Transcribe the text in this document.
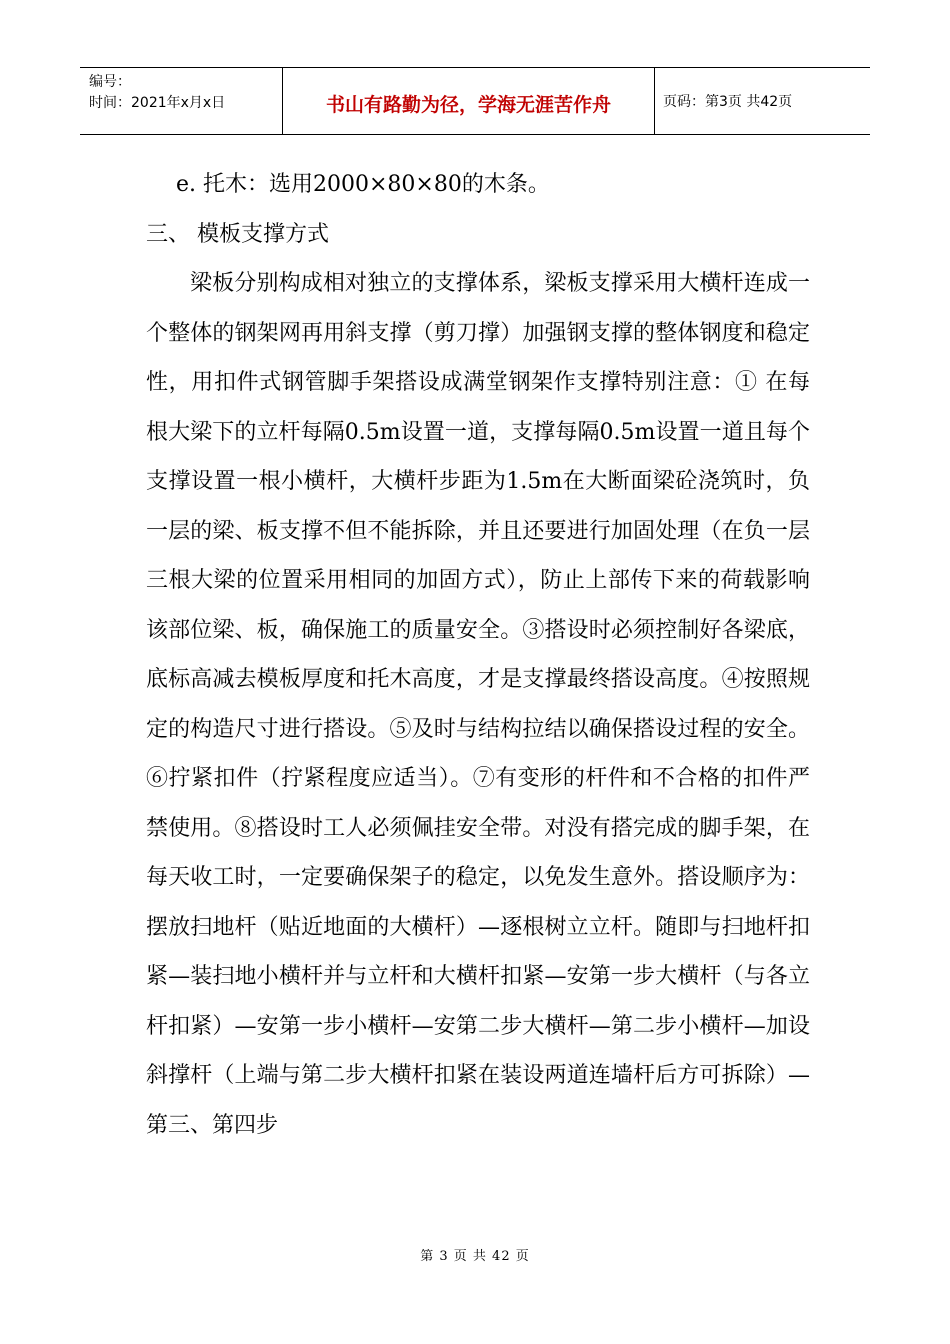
编号：
时间：2021年x月x日	书山有路勤为径，学海无涯苦作舟	页码：第3页 共42页

e. 托木：选用2000×80×80的木条。

三、 模板支撑方式

梁板分别构成相对独立的支撑体系，梁板支撑采用大横杆连成一个整体的钢架网再用斜支撑（剪刀撑）加强钢支撑的整体钢度和稳定性，用扣件式钢管脚手架搭设成满堂钢架作支撑特别注意：① 在每根大梁下的立杆每隔0.5m设置一道，支撑每隔0.5m设置一道且每个支撑设置一根小横杆，大横杆步距为1.5m在大断面梁砼浇筑时，负一层的梁、板支撑不但不能拆除，并且还要进行加固处理（在负一层三根大梁的位置采用相同的加固方式），防止上部传下来的荷载影响该部位梁、板，确保施工的质量安全。③搭设时必须控制好各梁底，底标高减去模板厚度和托木高度，才是支撑最终搭设高度。④按照规定的构造尺寸进行搭设。⑤及时与结构拉结以确保搭设过程的安全。⑥拧紧扣件（拧紧程度应适当）。⑦有变形的杆件和不合格的扣件严禁使用。⑧搭设时工人必须佩挂安全带。对没有搭完成的脚手架，在每天收工时，一定要确保架子的稳定，以免发生意外。搭设顺序为：摆放扫地杆（贴近地面的大横杆）—逐根树立立杆。随即与扫地杆扣紧—装扫地小横杆并与立杆和大横杆扣紧—安第一步大横杆（与各立杆扣紧）—安第一步小横杆—安第二步大横杆—第二步小横杆—加设斜撑杆（上端与第二步大横杆扣紧在装设两道连墙杆后方可拆除）—第三、第四步

第 3 页 共 42 页
